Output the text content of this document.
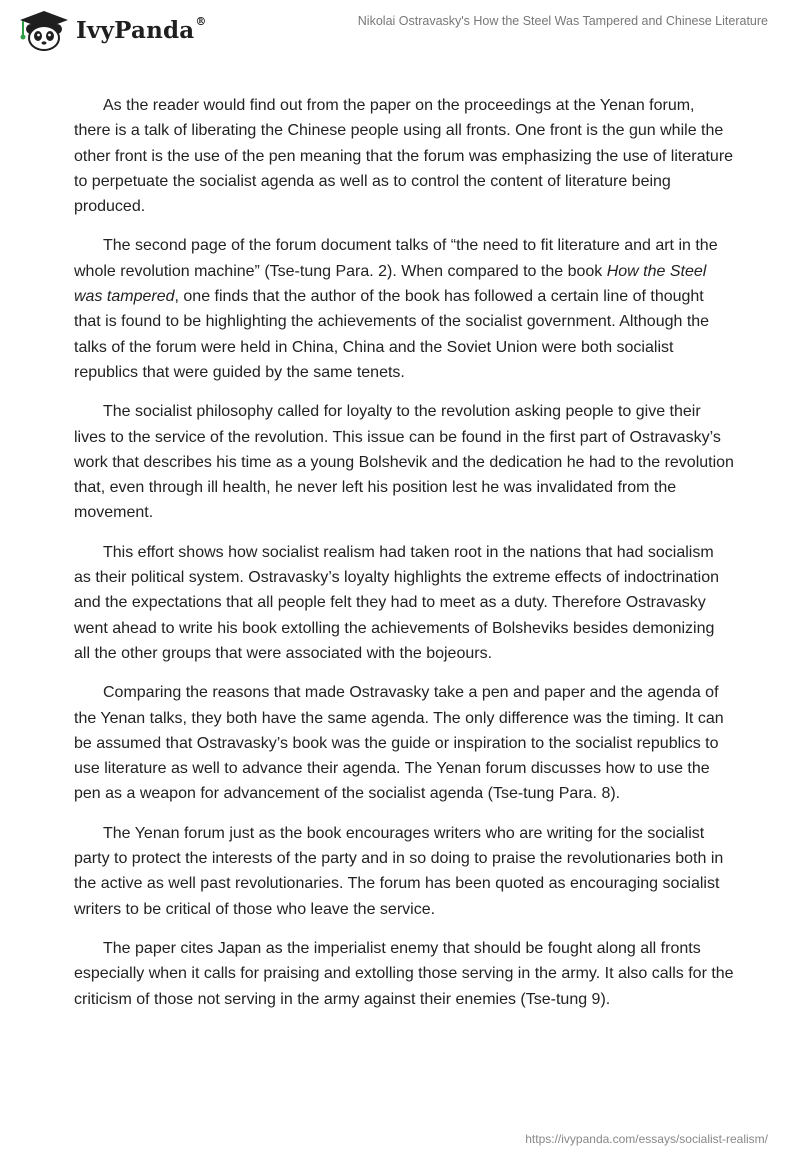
IvyPanda®	Nikolai Ostravasky's How the Steel Was Tampered and Chinese Literature

As the reader would find out from the paper on the proceedings at the Yenan forum, there is a talk of liberating the Chinese people using all fronts. One front is the gun while the other front is the use of the pen meaning that the forum was emphasizing the use of literature to perpetuate the socialist agenda as well as to control the content of literature being produced.

The second page of the forum document talks of “the need to fit literature and art in the whole revolution machine” (Tse-tung Para. 2). When compared to the book How the Steel was tampered, one finds that the author of the book has followed a certain line of thought that is found to be highlighting the achievements of the socialist government. Although the talks of the forum were held in China, China and the Soviet Union were both socialist republics that were guided by the same tenets.

The socialist philosophy called for loyalty to the revolution asking people to give their lives to the service of the revolution. This issue can be found in the first part of Ostravasky’s work that describes his time as a young Bolshevik and the dedication he had to the revolution that, even through ill health, he never left his position lest he was invalidated from the movement.

This effort shows how socialist realism had taken root in the nations that had socialism as their political system. Ostravasky’s loyalty highlights the extreme effects of indoctrination and the expectations that all people felt they had to meet as a duty. Therefore Ostravasky went ahead to write his book extolling the achievements of Bolsheviks besides demonizing all the other groups that were associated with the bojeours.

Comparing the reasons that made Ostravasky take a pen and paper and the agenda of the Yenan talks, they both have the same agenda. The only difference was the timing. It can be assumed that Ostravasky’s book was the guide or inspiration to the socialist republics to use literature as well to advance their agenda. The Yenan forum discusses how to use the pen as a weapon for advancement of the socialist agenda (Tse-tung Para. 8).

The Yenan forum just as the book encourages writers who are writing for the socialist party to protect the interests of the party and in so doing to praise the revolutionaries both in the active as well past revolutionaries. The forum has been quoted as encouraging socialist writers to be critical of those who leave the service.

The paper cites Japan as the imperialist enemy that should be fought along all fronts especially when it calls for praising and extolling those serving in the army. It also calls for the criticism of those not serving in the army against their enemies (Tse-tung 9).

https://ivypanda.com/essays/socialist-realism/
